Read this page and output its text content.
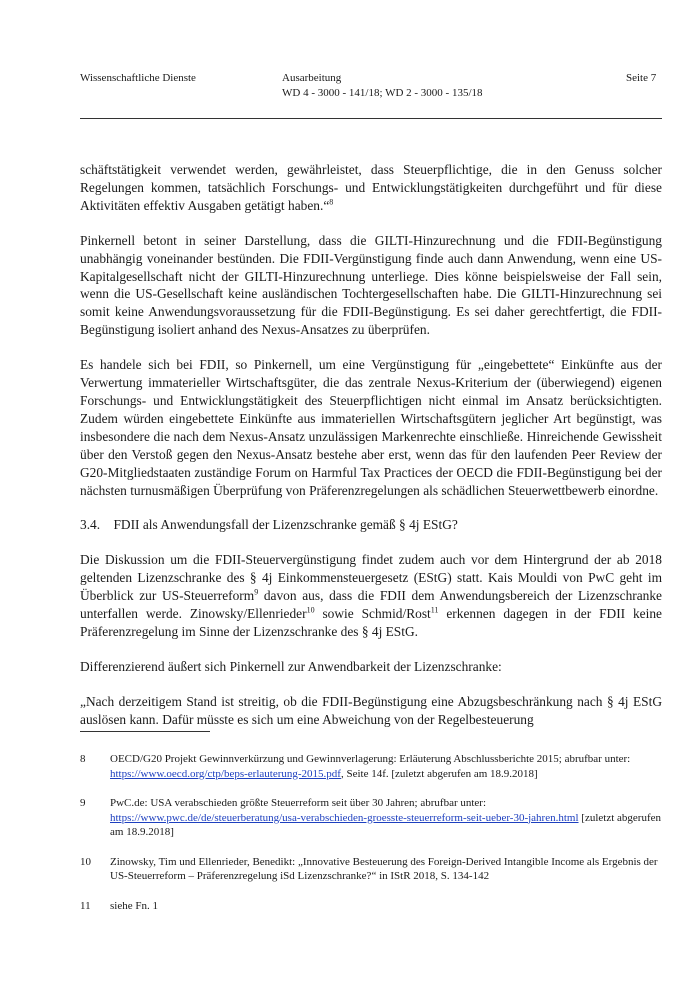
Wissenschaftliche Dienste	Ausarbeitung
WD 4 - 3000 - 141/18; WD 2 - 3000 - 135/18
Seite 7

schäftstätigkeit verwendet werden, gewährleistet, dass Steuerpflichtige, die in den Genuss solcher Regelungen kommen, tatsächlich Forschungs- und Entwicklungstätigkeiten durchgeführt und für diese Aktivitäten effektiv Ausgaben getätigt haben.“$^8$

Pinkernell betont in seiner Darstellung, dass die GILTI-Hinzurechnung und die FDII-Begünstigung unabhängig voneinander bestünden. Die FDII-Vergünstigung finde auch dann Anwendung, wenn eine US-Kapitalgesellschaft nicht der GILTI-Hinzurechnung unterliege. Dies könne beispielsweise der Fall sein, wenn die US-Gesellschaft keine ausländischen Tochtergesellschaften habe. Die GILTI-Hinzurechnung sei somit keine Anwendungsvoraussetzung für die FDII-Begünstigung. Es sei daher gerechtfertigt, die FDII-Begünstigung isoliert anhand des Nexus-Ansatzes zu überprüfen.

Es handele sich bei FDII, so Pinkernell, um eine Vergünstigung für „eingebettete“ Einkünfte aus der Verwertung immaterieller Wirtschaftsgüter, die das zentrale Nexus-Kriterium der (überwiegend) eigenen Forschungs- und Entwicklungstätigkeit des Steuerpflichtigen nicht einmal im Ansatz berücksichtigten. Zudem würden eingebettete Einkünfte aus immateriellen Wirtschaftsgütern jeglicher Art begünstigt, was insbesondere die nach dem Nexus-Ansatz unzulässigen Markenrechte einschließe. Hinreichende Gewissheit über den Verstoß gegen den Nexus-Ansatz bestehe aber erst, wenn das für den laufenden Peer Review der G20-Mitgliedstaaten zuständige Forum on Harmful Tax Practices der OECD die FDII-Begünstigung bei der nächsten turnusmäßigen Überprüfung von Präferenzregelungen als schädlichen Steuerwettbewerb einordne.

3.4. FDII als Anwendungsfall der Lizenzschranke gemäß § 4j EStG?

Die Diskussion um die FDII-Steuervergünstigung findet zudem auch vor dem Hintergrund der ab 2018 geltenden Lizenzschranke des § 4j Einkommensteuergesetz (EStG) statt. Kais Mouldi von PwC geht im Überblick zur US-Steuerreform$^9$ davon aus, dass die FDII dem Anwendungsbereich der Lizenzschranke unterfallen werde. Zinowsky/Ellenrieder$^{10}$ sowie Schmid/Rost$^{11}$ erkennen dagegen in der FDII keine Präferenzregelung im Sinne der Lizenzschranke des § 4j EStG.

Differenzierend äußert sich Pinkernell zur Anwendbarkeit der Lizenzschranke:

„Nach derzeitigem Stand ist streitig, ob die FDII-Begünstigung eine Abzugsbeschränkung nach § 4j EStG auslösen kann. Dafür müsste es sich um eine Abweichung von der Regelbesteuerung

8	OECD/G20 Projekt Gewinnverkürzung und Gewinnverlagerung: Erläuterung Abschlussberichte 2015; abrufbar unter: https://www.oecd.org/ctp/beps-erlauterung-2015.pdf, Seite 14f. [zuletzt abgerufen am 18.9.2018]
9	PwC.de: USA verabschieden größte Steuerreform seit über 30 Jahren; abrufbar unter: https://www.pwc.de/de/steuerberatung/usa-verabschieden-groesste-steuerreform-seit-ueber-30-jahren.html [zuletzt abgerufen am 18.9.2018]
10	Zinowsky, Tim und Ellenrieder, Benedikt: „Innovative Besteuerung des Foreign-Derived Intangible Income als Ergebnis der US-Steuerreform – Präferenzregelung iSd Lizenzschranke?“ in IStR 2018, S. 134-142
11	siehe Fn. 1
